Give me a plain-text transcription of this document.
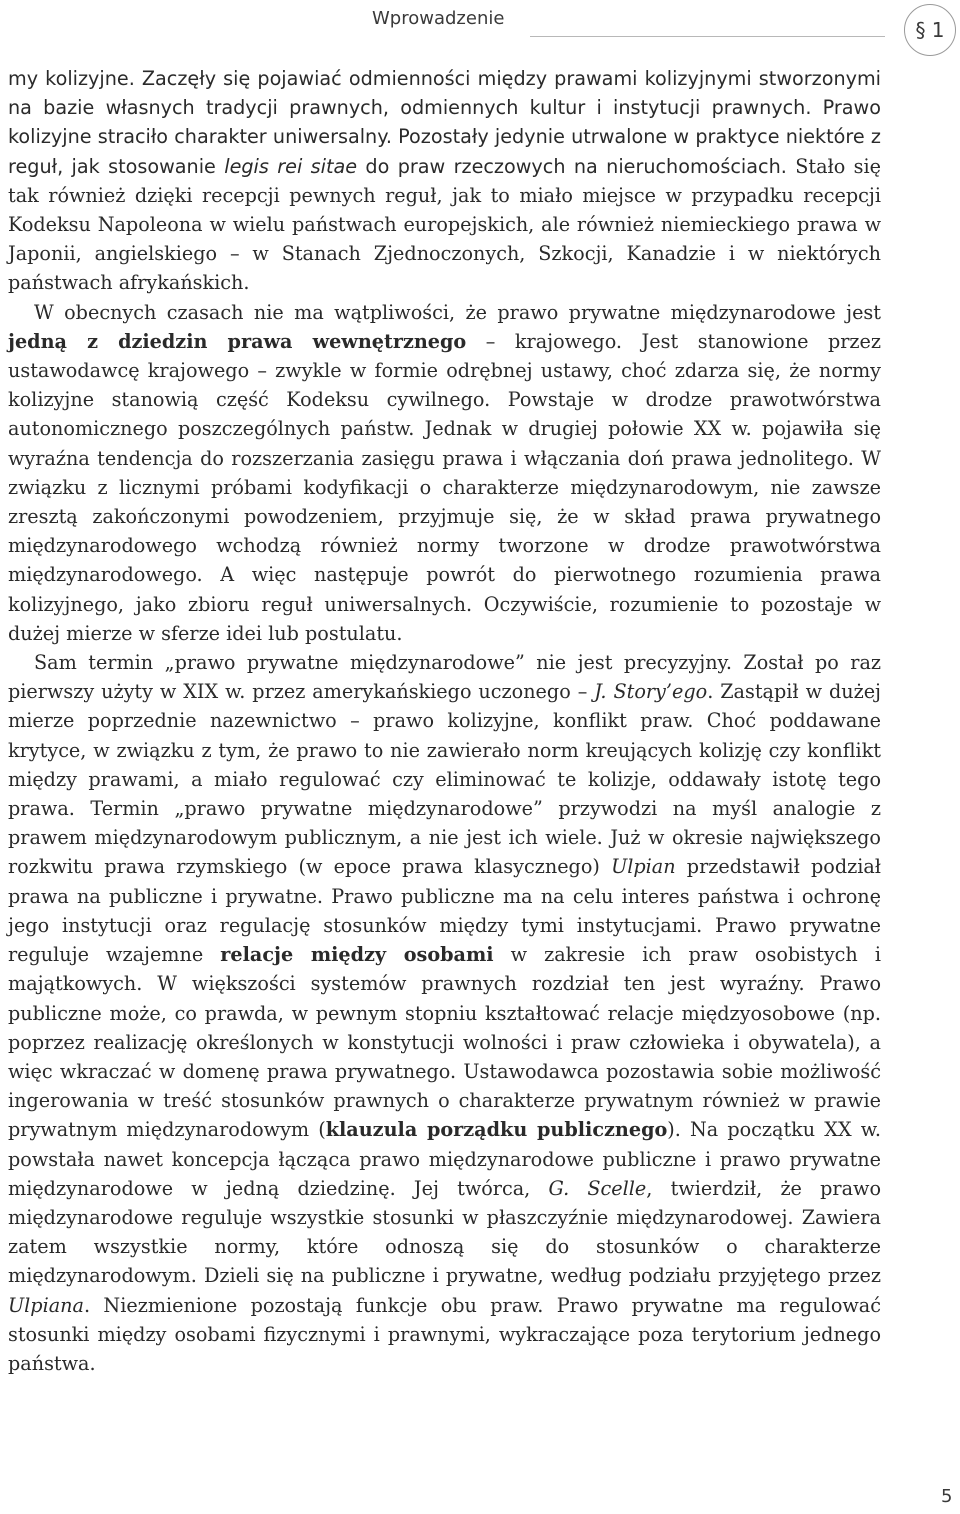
Wprowadzenie	§ 1

my kolizyjne. Zaczęły się pojawiać odmienności między prawami kolizyjnymi stworzonymi na bazie własnych tradycji prawnych, odmiennych kultur i instytucji prawnych. Prawo kolizyjne straciło charakter uniwersalny. Pozostały jedynie utrwalone w praktyce niektóre z reguł, jak stosowanie legis rei sitae do praw rzeczowych na nieruchomościach. Stało się tak również dzięki recepcji pewnych reguł, jak to miało miejsce w przypadku recepcji Kodeksu Napoleona w wielu państwach europejskich, ale również niemieckiego prawa w Japonii, angielskiego – w Stanach Zjednoczonych, Szkocji, Kanadzie i w niektórych państwach afrykańskich.

W obecnych czasach nie ma wątpliwości, że prawo prywatne międzynarodowe jest jedną z dziedzin prawa wewnętrznego – krajowego. Jest stanowione przez ustawodawcę krajowego – zwykle w formie odrębnej ustawy, choć zdarza się, że normy kolizyjne stanowią część Kodeksu cywilnego. Powstaje w drodze prawotwórstwa autonomicznego poszczególnych państw. Jednak w drugiej połowie XX w. pojawiła się wyraźna tendencja do rozszerzania zasięgu prawa i włączania doń prawa jednolitego. W związku z licznymi próbami kodyfikacji o charakterze międzynarodowym, nie zawsze zresztą zakończonymi powodzeniem, przyjmuje się, że w skład prawa prywatnego międzynarodowego wchodzą również normy tworzone w drodze prawotwórstwa międzynarodowego. A więc następuje powrót do pierwotnego rozumienia prawa kolizyjnego, jako zbioru reguł uniwersalnych. Oczywiście, rozumienie to pozostaje w dużej mierze w sferze idei lub postulatu.

Sam termin „prawo prywatne międzynarodowe” nie jest precyzyjny. Został po raz pierwszy użyty w XIX w. przez amerykańskiego uczonego – J. Story’ego. Zastąpił w dużej mierze poprzednie nazewnictwo – prawo kolizyjne, konflikt praw. Choć poddawane krytyce, w związku z tym, że prawo to nie zawierało norm kreujących kolizję czy konflikt między prawami, a miało regulować czy eliminować te kolizje, oddawały istotę tego prawa. Termin „prawo prywatne międzynarodowe” przywodzi na myśl analogie z prawem międzynarodowym publicznym, a nie jest ich wiele. Już w okresie największego rozkwitu prawa rzymskiego (w epoce prawa klasycznego) Ulpian przedstawił podział prawa na publiczne i prywatne. Prawo publiczne ma na celu interes państwa i ochronę jego instytucji oraz regulację stosunków między tymi instytucjami. Prawo prywatne reguluje wzajemne relacje między osobami w zakresie ich praw osobistych i majątkowych. W większości systemów prawnych rozdział ten jest wyraźny. Prawo publiczne może, co prawda, w pewnym stopniu kształtować relacje międzyosobowe (np. poprzez realizację określonych w konstytucji wolności i praw człowieka i obywatela), a więc wkraczać w domenę prawa prywatnego. Ustawodawca pozostawia sobie możliwość ingerowania w treść stosunków prawnych o charakterze prywatnym również w prawie prywatnym międzynarodowym (klauzula porządku publicznego). Na początku XX w. powstała nawet koncepcja łącząca prawo międzynarodowe publiczne i prawo prywatne międzynarodowe w jedną dziedzinę. Jej twórca, G. Scelle, twierdził, że prawo międzynarodowe reguluje wszystkie stosunki w płaszczyźnie międzynarodowej. Zawiera zatem wszystkie normy, które odnoszą się do stosunków o charakterze międzynarodowym. Dzieli się na publiczne i prywatne, według podziału przyjętego przez Ulpiana. Niezmienione pozostają funkcje obu praw. Prawo prywatne ma regulować stosunki między osobami fizycznymi i prawnymi, wykraczające poza terytorium jednego państwa.

5
